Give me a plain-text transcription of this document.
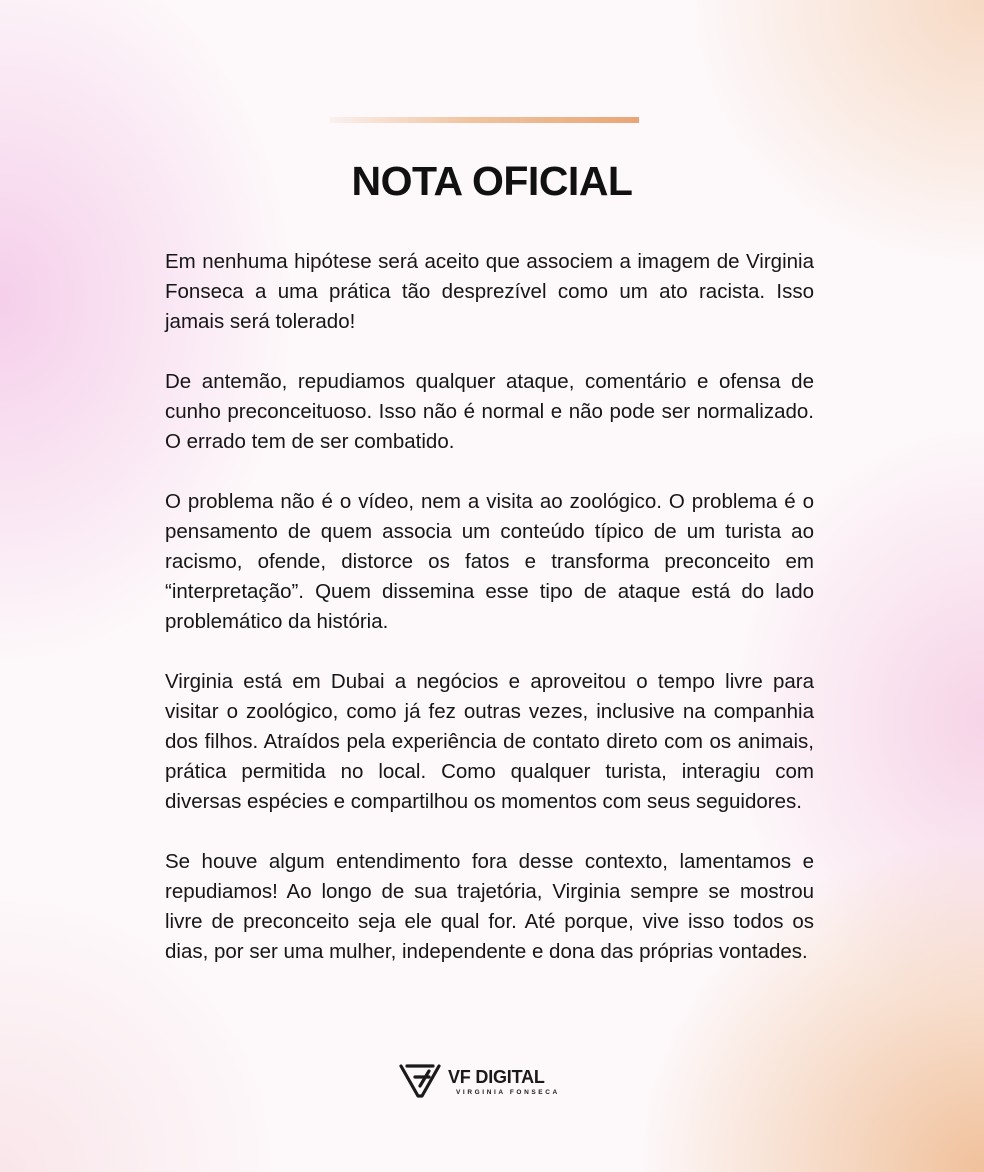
NOTA OFICIAL

Em nenhuma hipótese será aceito que associem a imagem de Virginia Fonseca a uma prática tão desprezível como um ato racista. Isso jamais será tolerado!

De antemão, repudiamos qualquer ataque, comentário e ofensa de cunho preconceituoso. Isso não é normal e não pode ser normalizado. O errado tem de ser combatido.

O problema não é o vídeo, nem a visita ao zoológico. O problema é o pensamento de quem associa um conteúdo típico de um turista ao racismo, ofende, distorce os fatos e transforma preconceito em “interpretação”. Quem dissemina esse tipo de ataque está do lado problemático da história.

Virginia está em Dubai a negócios e aproveitou o tempo livre para visitar o zoológico, como já fez outras vezes, inclusive na companhia dos filhos. Atraídos pela experiência de contato direto com os animais, prática permitida no local. Como qualquer turista, interagiu com diversas espécies e compartilhou os momentos com seus seguidores.

Se houve algum entendimento fora desse contexto, lamentamos e repudiamos! Ao longo de sua trajetória, Virginia sempre se mostrou livre de preconceito seja ele qual for. Até porque, vive isso todos os dias, por ser uma mulher, independente e dona das próprias vontades.

VF DIGITAL
VIRGINIA FONSECA
